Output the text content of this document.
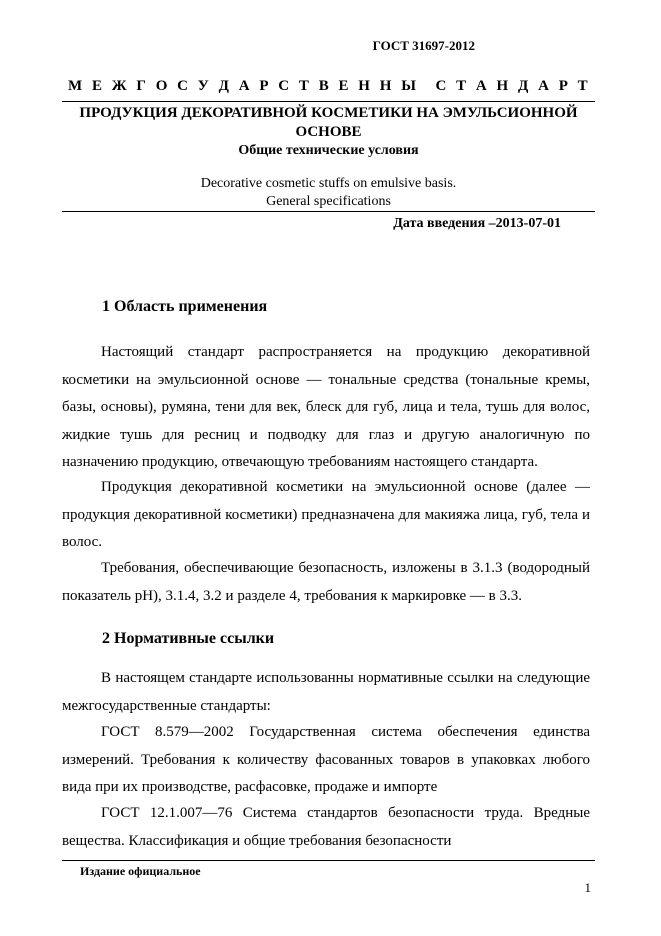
ГОСТ 31697-2012
М Е Ж Г О С У Д А Р С Т В Е Н Н Ы С Т А Н Д А Р Т
ПРОДУКЦИЯ ДЕКОРАТИВНОЙ КОСМЕТИКИ НА ЭМУЛЬСИОННОЙ
ОСНОВЕ
Общие технические условия
Decorative cosmetic stuffs on emulsive basis.
General specifications
Дата введения –2013-07-01
1 Область применения
Настоящий стандарт распространяется на продукцию декоративной косметики на эмульсионной основе — тональные средства (тональные кремы, базы, основы), румяна, тени для век, блеск для губ, лица и тела, тушь для волос, жидкие тушь для ресниц и подводку для глаз и другую аналогичную по назначению продукцию, отвечающую требованиям настоящего стандарта.
Продукция декоративной косметики на эмульсионной основе (далее — продукция декоративной косметики) предназначена для макияжа лица, губ, тела и волос.
Требования, обеспечивающие безопасность, изложены в 3.1.3 (водородный показатель рН), 3.1.4, 3.2 и разделе 4, требования к маркировке — в 3.3.
2 Нормативные ссылки
В настоящем стандарте использованны нормативные ссылки на следующие межгосударственные стандарты:
ГОСТ 8.579—2002 Государственная система обеспечения единства измерений. Требования к количеству фасованных товаров в упаковках любого вида при их производстве, расфасовке, продаже и импорте
ГОСТ 12.1.007—76 Система стандартов безопасности труда. Вредные вещества. Классификация и общие требования безопасности
Издание официальное
1
